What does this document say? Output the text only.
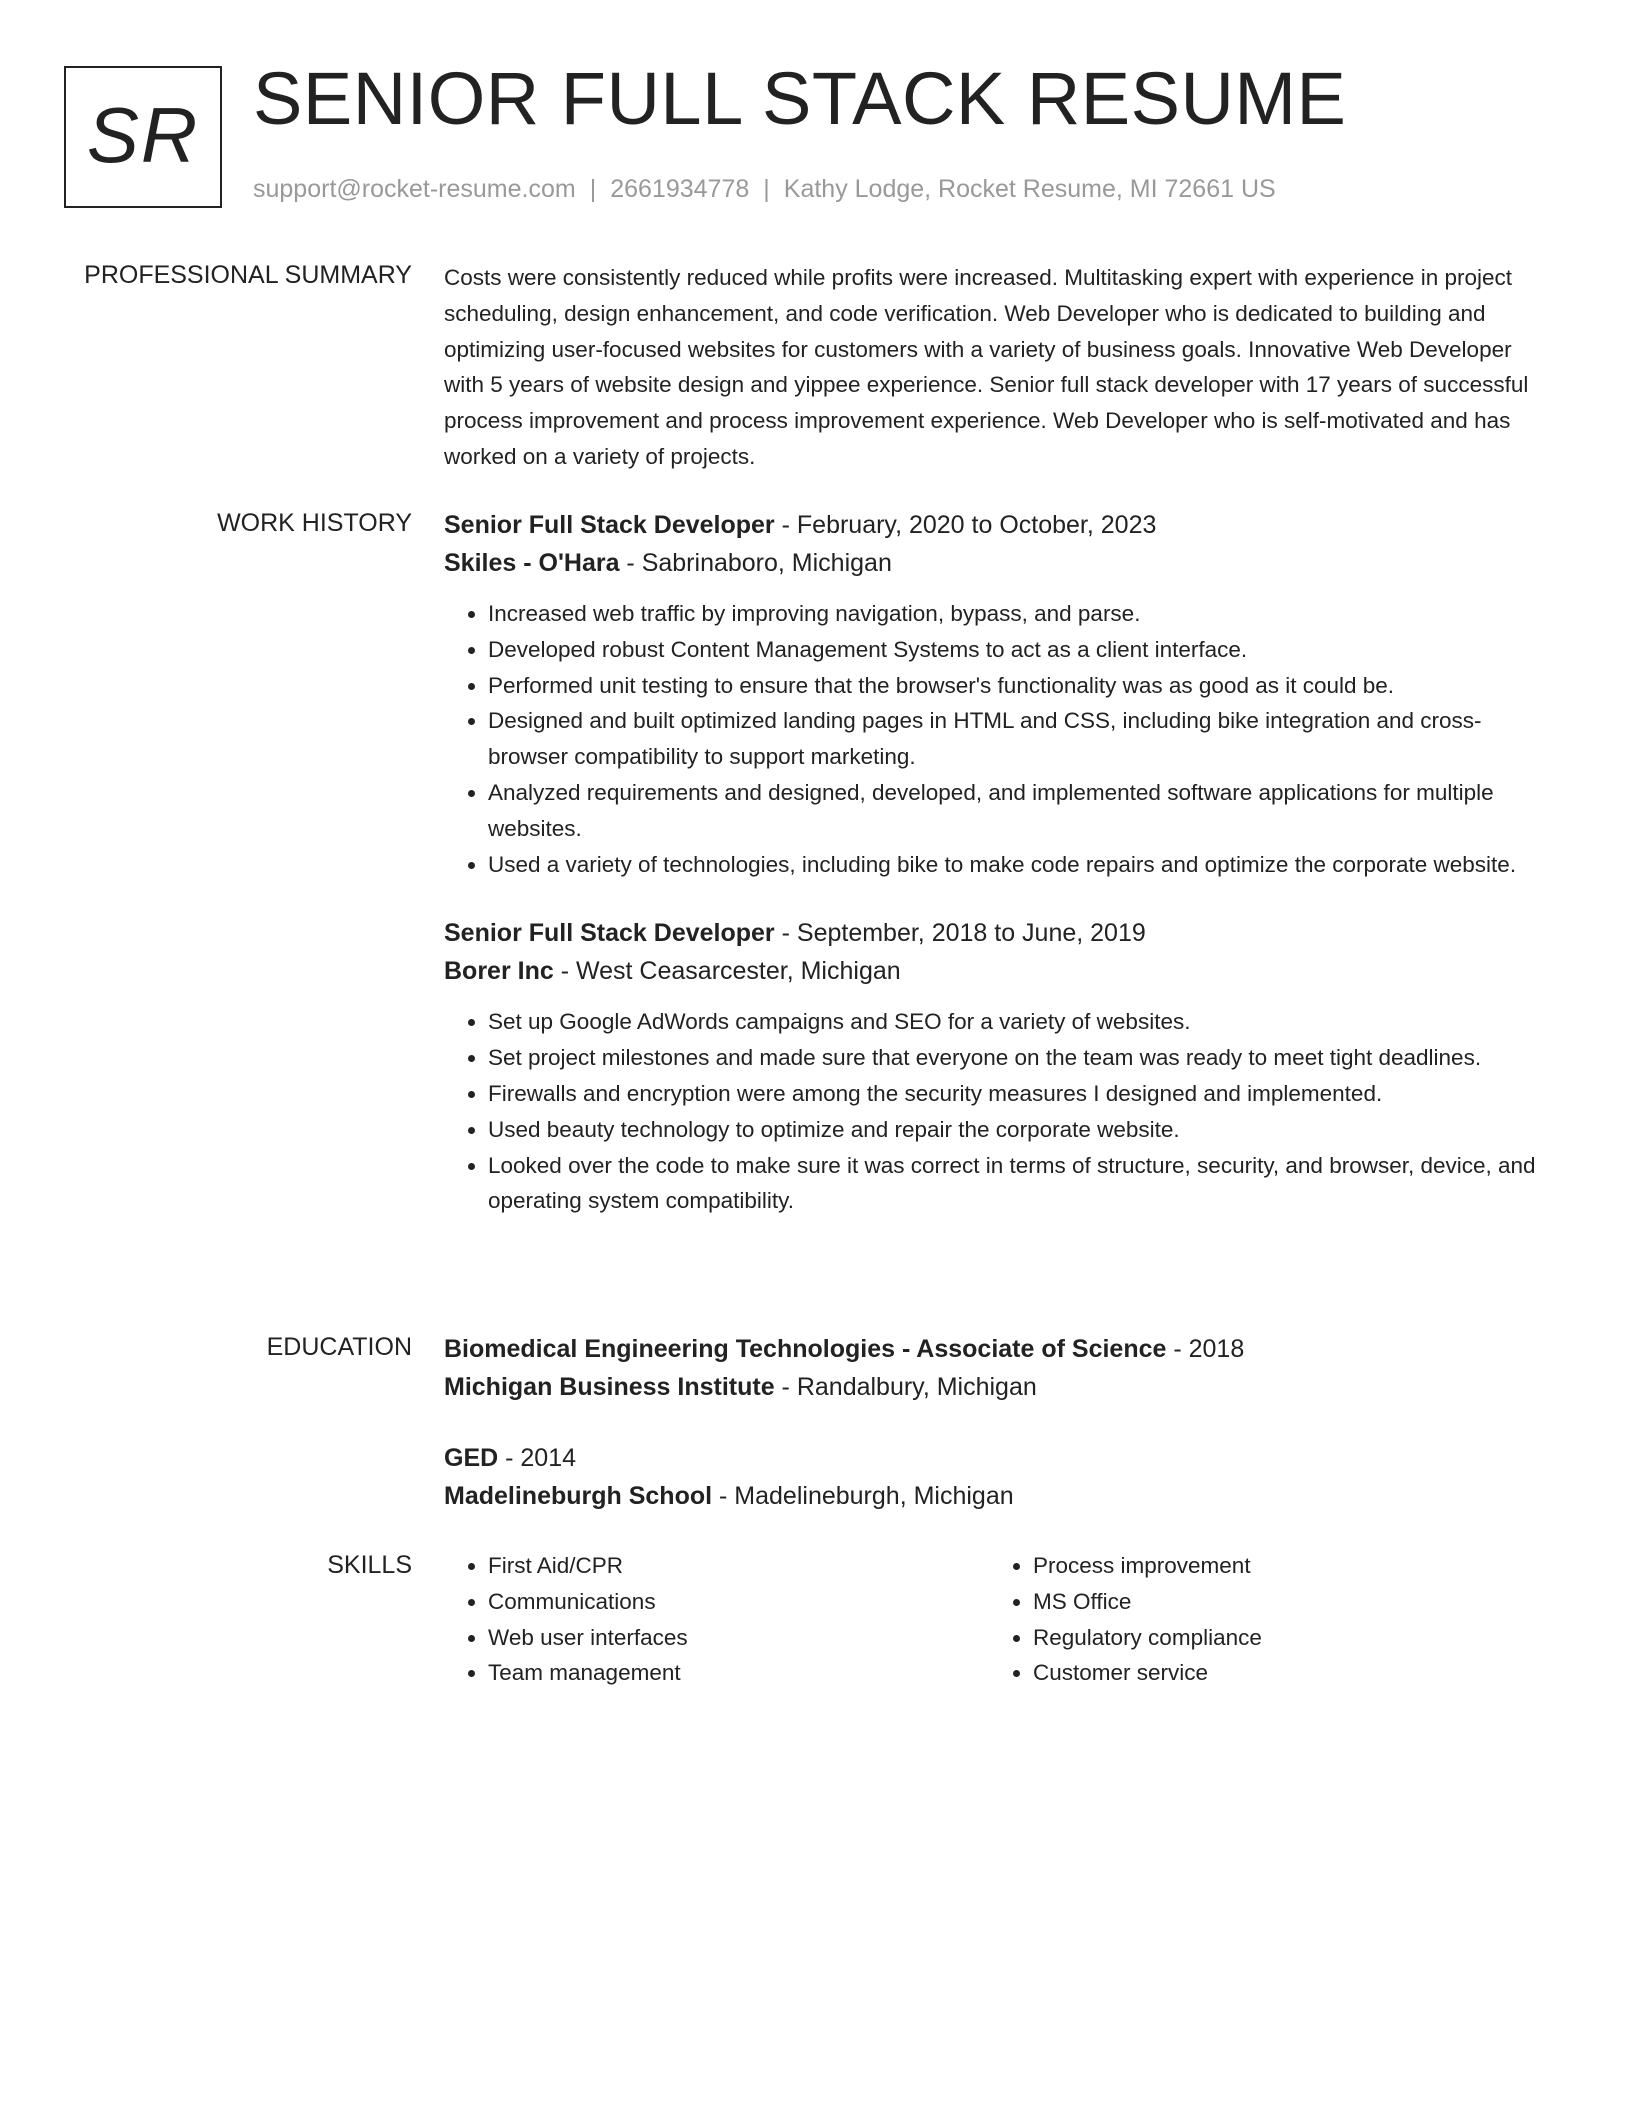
SR SENIOR FULL STACK RESUME
support@rocket-resume.com | 2661934778 | Kathy Lodge, Rocket Resume, MI 72661 US
PROFESSIONAL SUMMARY Costs were consistently reduced while profits were increased. Multitasking expert with experience in project scheduling, design enhancement, and code verification. Web Developer who is dedicated to building and optimizing user-focused websites for customers with a variety of business goals. Innovative Web Developer with 5 years of website design and yippee experience. Senior full stack developer with 17 years of successful process improvement and process improvement experience. Web Developer who is self-motivated and has worked on a variety of projects.

WORK HISTORY Senior Full Stack Developer - February, 2020 to October, 2023
Skiles - O'Hara - Sabrinaboro, Michigan
• Increased web traffic by improving navigation, bypass, and parse.
• Developed robust Content Management Systems to act as a client interface.
• Performed unit testing to ensure that the browser's functionality was as good as it could be.
• Designed and built optimized landing pages in HTML and CSS, including bike integration and cross-browser compatibility to support marketing.
• Analyzed requirements and designed, developed, and implemented software applications for multiple websites.
• Used a variety of technologies, including bike to make code repairs and optimize the corporate website.
Senior Full Stack Developer - September, 2018 to June, 2019
Borer Inc - West Ceasarcester, Michigan
• Set up Google AdWords campaigns and SEO for a variety of websites.
• Set project milestones and made sure that everyone on the team was ready to meet tight deadlines.
• Firewalls and encryption were among the security measures I designed and implemented.
• Used beauty technology to optimize and repair the corporate website.
• Looked over the code to make sure it was correct in terms of structure, security, and browser, device, and operating system compatibility.
EDUCATION Biomedical Engineering Technologies - Associate of Science - 2018
Michigan Business Institute - Randalbury, Michigan
GED - 2014
Madelineburgh School - Madelineburgh, Michigan
SKILLS
•	First Aid/CPR
• Communications
• Web user interfaces
• Team management
• Process improvement
• MS Office
• Regulatory compliance
• Customer service
